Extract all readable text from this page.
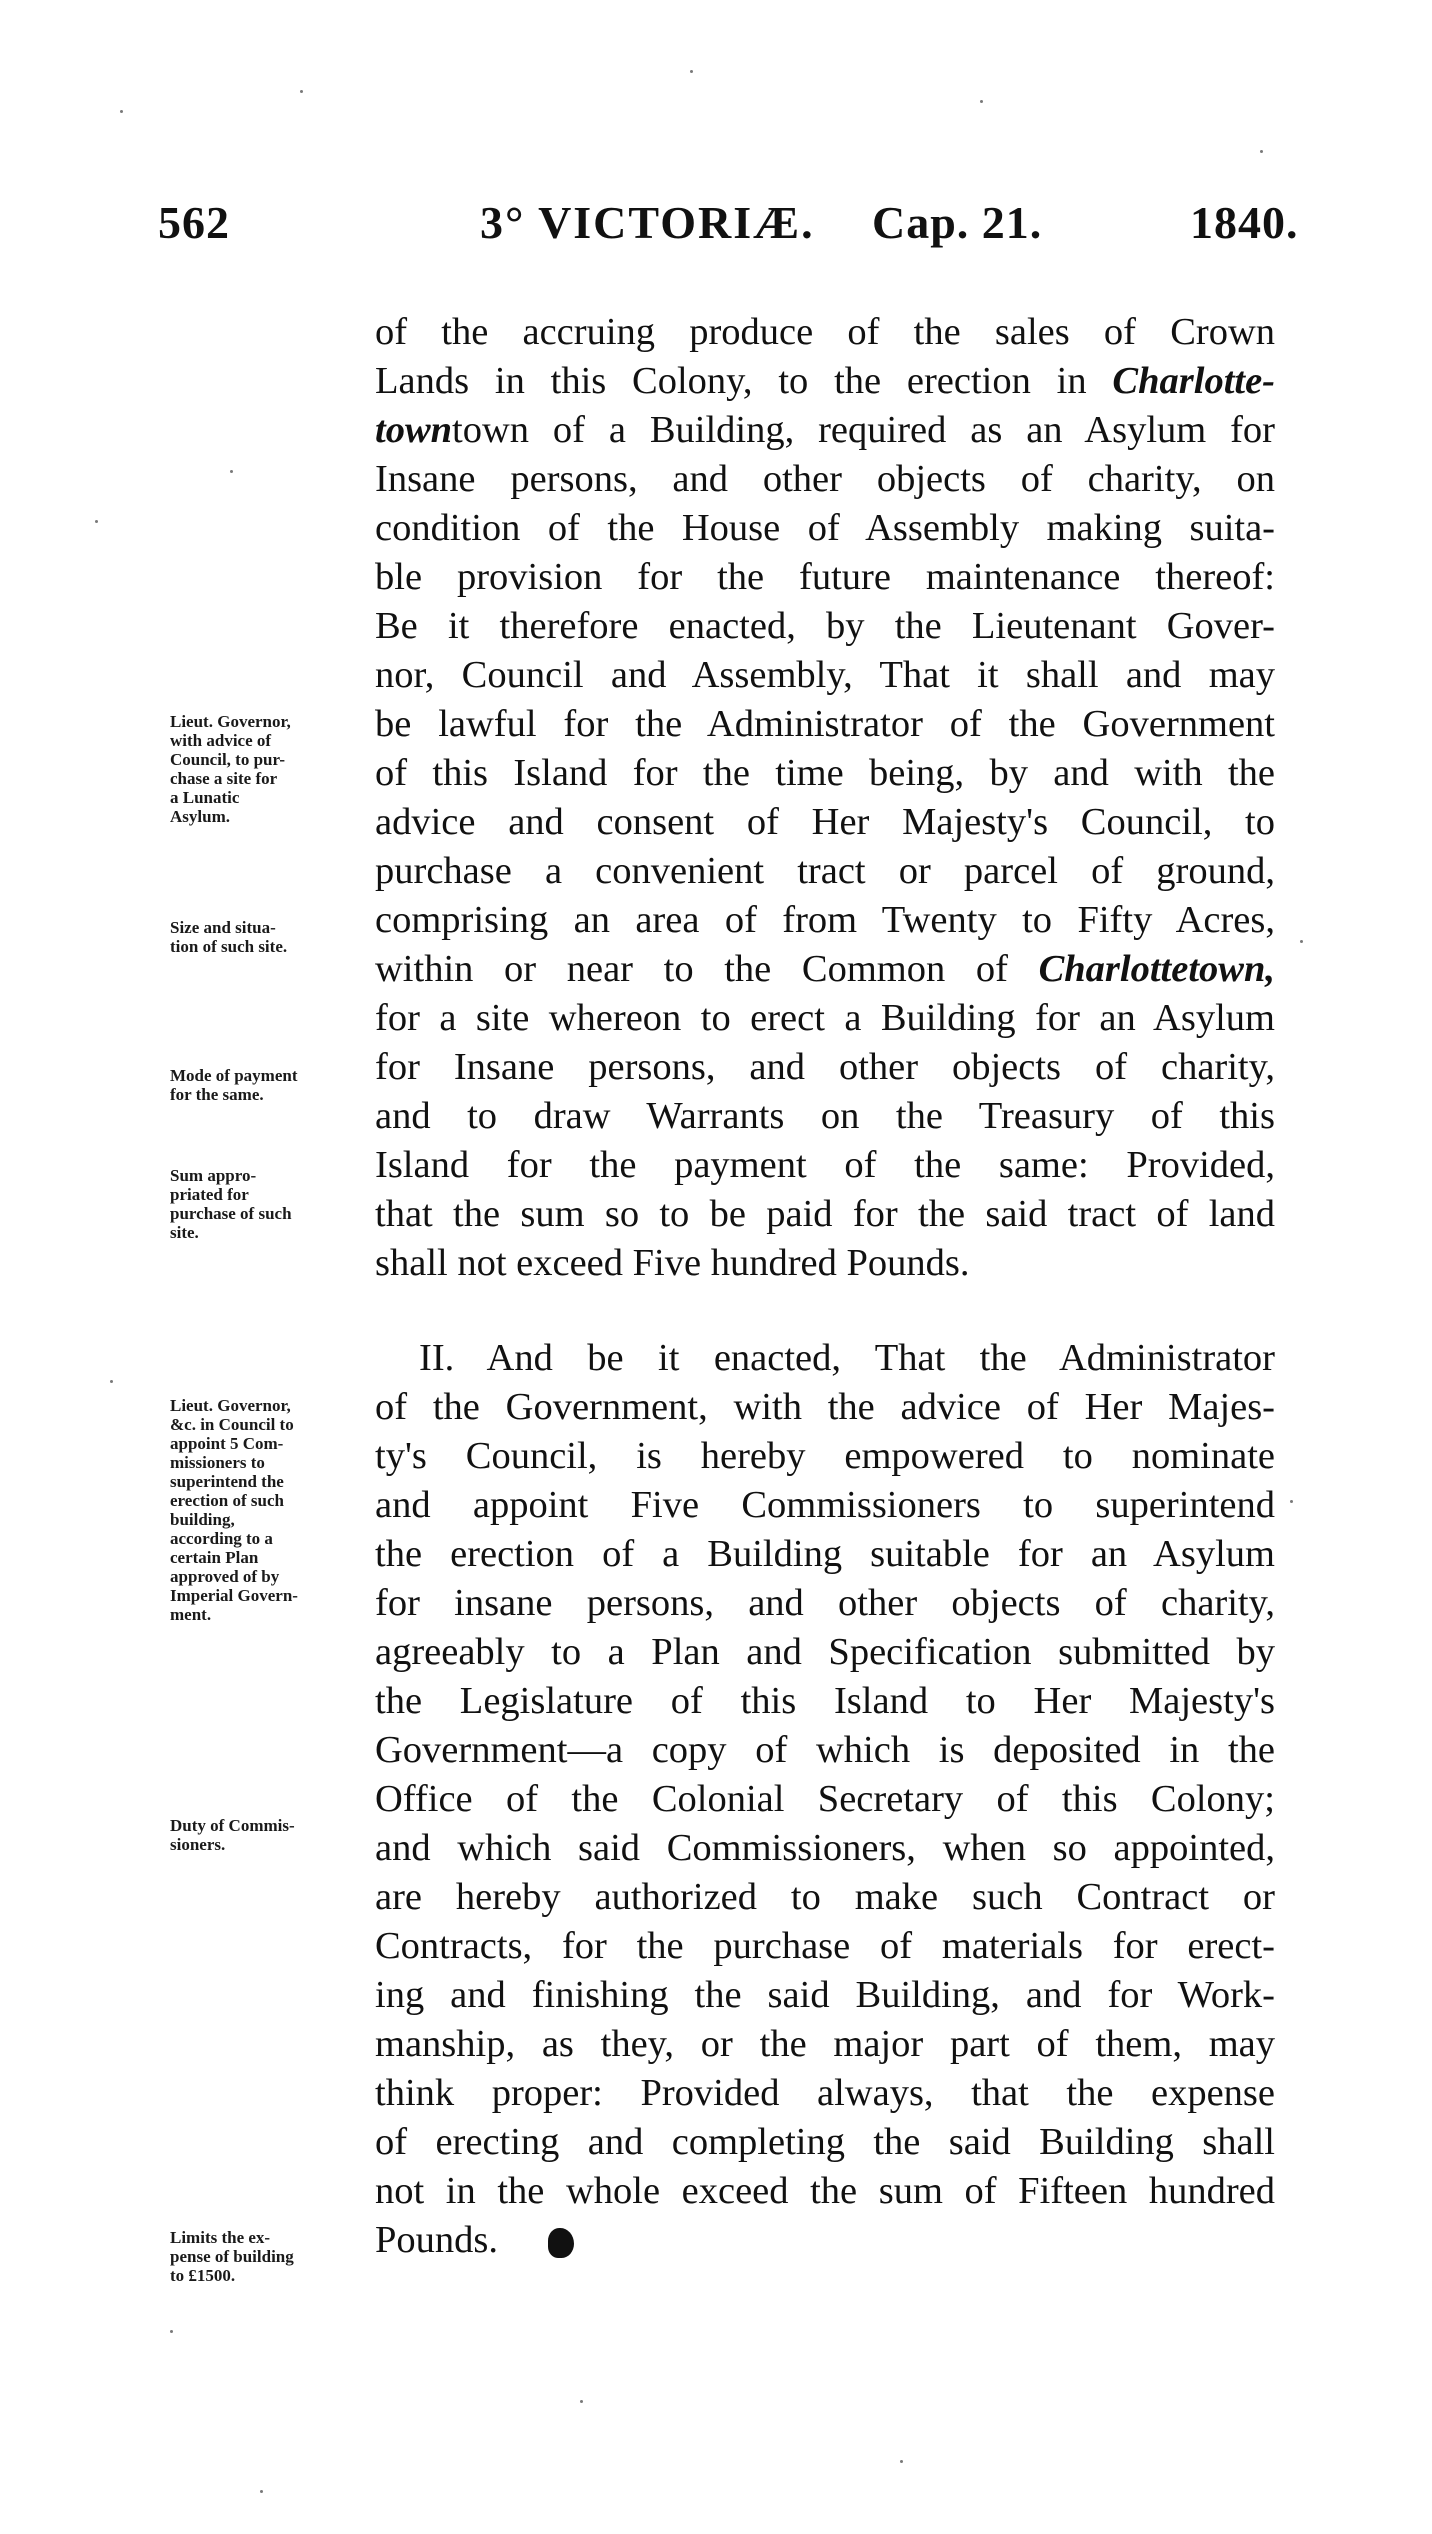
562	3° VICTORIÆ. Cap. 21.	1840.
of the accruing produce of the sales of Crown
Lands in this Colony, to the erection in Charlotte-
towntown of a Building, required as an Asylum for
Insane persons, and other objects of charity, on
condition of the House of Assembly making suita-
ble provision for the future maintenance thereof:
Be it therefore enacted, by the Lieutenant Gover-
nor, Council and Assembly, That it shall and may
be lawful for the Administrator of the Government
of this Island for the time being, by and with the
advice and consent of Her Majesty's Council, to
purchase a convenient tract or parcel of ground,
comprising an area of from Twenty to Fifty Acres,
within or near to the Common of Charlottetown,
for a site whereon to erect a Building for an Asylum
for Insane persons, and other objects of charity,
and to draw Warrants on the Treasury of this
Island for the payment of the same: Provided,
that the sum so to be paid for the said tract of land
shall not exceed Five hundred Pounds.
II. And be it enacted, That the Administrator
of the Government, with the advice of Her Majes-
ty's Council, is hereby empowered to nominate
and appoint Five Commissioners to superintend
the erection of a Building suitable for an Asylum
for insane persons, and other objects of charity,
agreeably to a Plan and Specification submitted by
the Legislature of this Island to Her Majesty's
Government—a copy of which is deposited in the
Office of the Colonial Secretary of this Colony;
and which said Commissioners, when so appointed,
are hereby authorized to make such Contract or
Contracts, for the purchase of materials for erect-
ing and finishing the said Building, and for Work-
manship, as they, or the major part of them, may
think proper: Provided always, that the expense
of erecting and completing the said Building shall
not in the whole exceed the sum of Fifteen hundred
Pounds.
Lieut. Governor,
with advice of
Council, to pur-
chase a site for
a Lunatic
Asylum.
Size and situa-
tion of such site.
Mode of payment
for the same.
Sum appro-
priated for
purchase of such
site.
Lieut. Governor,
&c. in Council to
appoint 5 Com-
missioners to
superintend the
erection of such
building,
according to a
certain Plan
approved of by
Imperial Govern-
ment.
Duty of Commis-
sioners.
Limits the ex-
pense of building
to £1500.
